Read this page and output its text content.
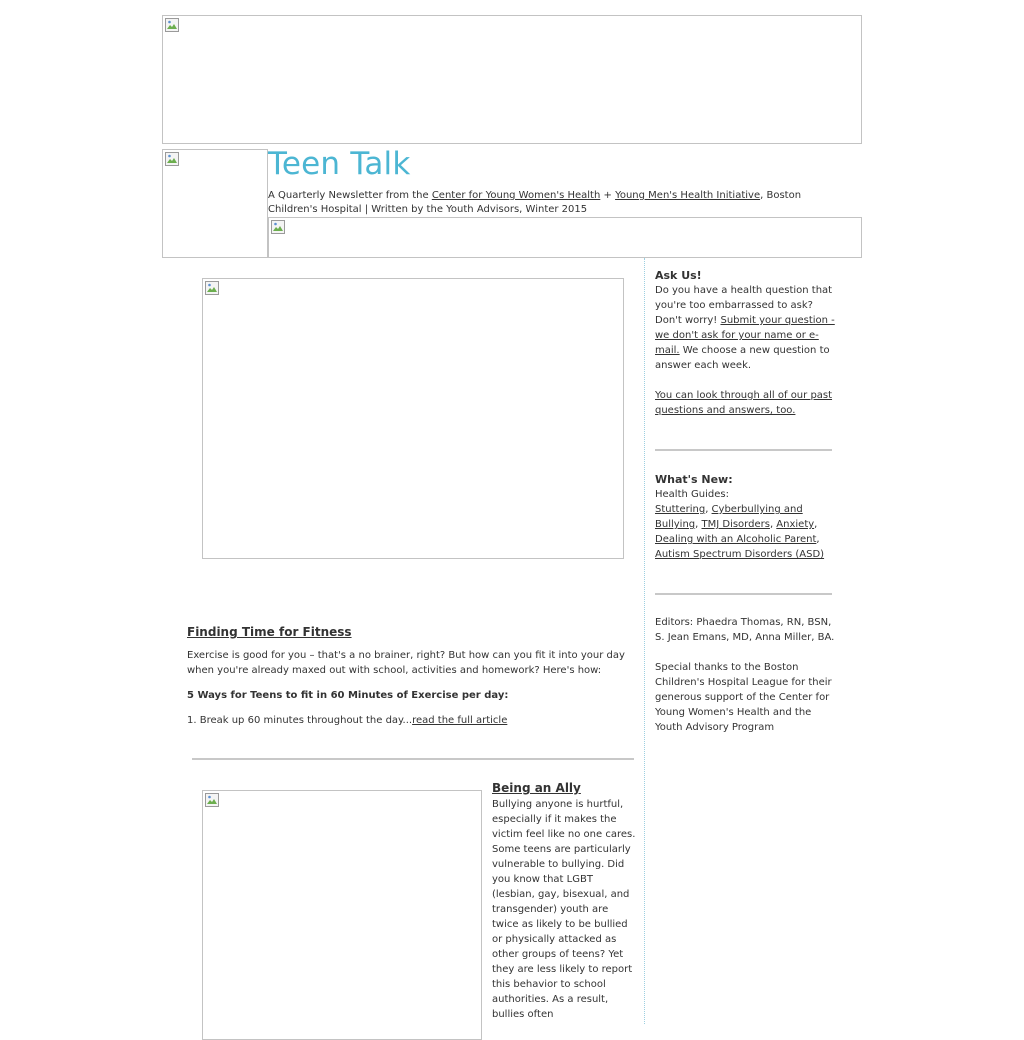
Teen Talk
A Quarterly Newsletter from the Center for Young Women's Health + Young Men's Health Initiative, Boston Children's Hospital | Written by the Youth Advisors, Winter 2015
Finding Time for Fitness

Exercise is good for you – that's a no brainer, right? But how can you fit it into your day when you're already maxed out with school, activities and homework? Here's how:

5 Ways for Teens to fit in 60 Minutes of Exercise per day:

1. Break up 60 minutes throughout the day...read the full article

Being an Ally

Bullying anyone is hurtful, especially if it makes the victim feel like no one cares. Some teens are particularly vulnerable to bullying. Did you know that LGBT (lesbian, gay, bisexual, and transgender) youth are twice as likely to be bullied or physically attacked as other groups of teens? Yet they are less likely to report this behavior to school authorities. As a result, bullies often

Ask Us!
Do you have a health question that you're too embarrassed to ask? Don't worry! Submit your question - we don't ask for your name or e-mail. We choose a new question to answer each week.
You can look through all of our past questions and answers, too.
What's New:
Health Guides:
Stuttering, Cyberbullying and Bullying, TMJ Disorders, Anxiety, Dealing with an Alcoholic Parent, Autism Spectrum Disorders (ASD)
Editors: Phaedra Thomas, RN, BSN, S. Jean Emans, MD, Anna Miller, BA.
Special thanks to the Boston Children's Hospital League for their generous support of the Center for Young Women's Health and the Youth Advisory Program
